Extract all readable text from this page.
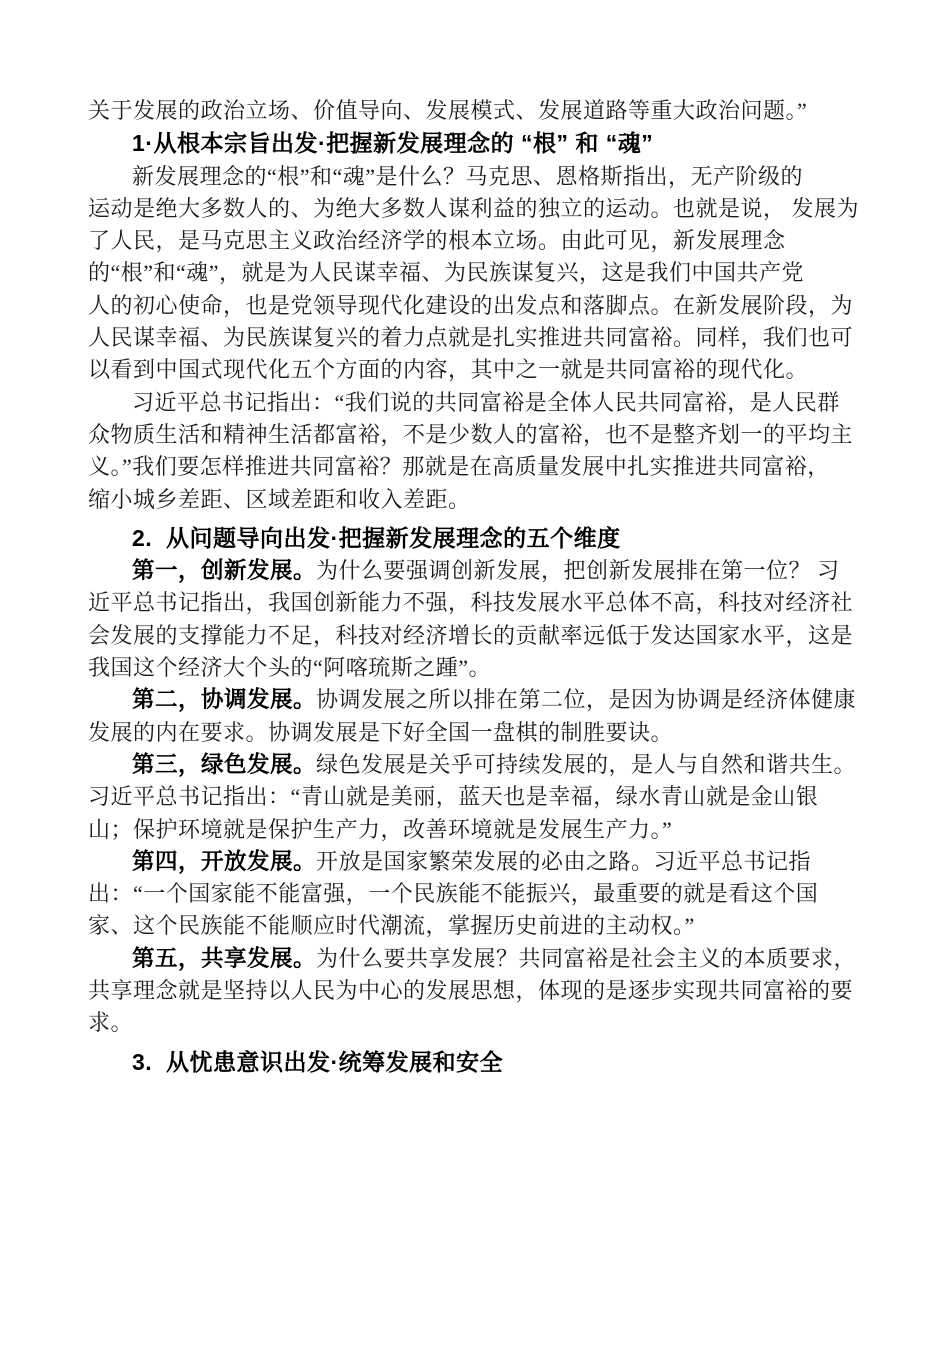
关于发展的政治立场、价值导向、发展模式、发展道路等重大政治问题。”
1·从根本宗旨出发·把握新发展理念的 “根” 和 “魂”
新发展理念的“根”和“魂”是什么？马克思、恩格斯指出，无产阶级的
运动是绝大多数人的、为绝大多数人谋利益的独立的运动。也就是说， 发展为
了人民，是马克思主义政治经济学的根本立场。由此可见，新发展理念
的“根”和“魂”，就是为人民谋幸福、为民族谋复兴，这是我们中国共产党
人的初心使命，也是党领导现代化建设的出发点和落脚点。在新发展阶段，为
人民谋幸福、为民族谋复兴的着力点就是扎实推进共同富裕。同样，我们也可
以看到中国式现代化五个方面的内容，其中之一就是共同富裕的现代化。
习近平总书记指出：“我们说的共同富裕是全体人民共同富裕，是人民群
众物质生活和精神生活都富裕，不是少数人的富裕，也不是整齐划一的平均主
义。”我们要怎样推进共同富裕？那就是在高质量发展中扎实推进共同富裕，
缩小城乡差距、区域差距和收入差距。
2.  从问题导向出发·把握新发展理念的五个维度
第一，创新发展。为什么要强调创新发展，把创新发展排在第一位？ 习
近平总书记指出，我国创新能力不强，科技发展水平总体不高，科技对经济社
会发展的支撑能力不足，科技对经济增长的贡献率远低于发达国家水平，这是
我国这个经济大个头的“阿喀琉斯之踵”。
第二，协调发展。协调发展之所以排在第二位，是因为协调是经济体健康
发展的内在要求。协调发展是下好全国一盘棋的制胜要诀。
第三，绿色发展。绿色发展是关乎可持续发展的，是人与自然和谐共生。
习近平总书记指出：“青山就是美丽，蓝天也是幸福，绿水青山就是金山银
山；保护环境就是保护生产力，改善环境就是发展生产力。”
第四，开放发展。开放是国家繁荣发展的必由之路。习近平总书记指
出：“一个国家能不能富强，一个民族能不能振兴，最重要的就是看这个国
家、这个民族能不能顺应时代潮流，掌握历史前进的主动权。”
第五，共享发展。为什么要共享发展？共同富裕是社会主义的本质要求，
共享理念就是坚持以人民为中心的发展思想，体现的是逐步实现共同富裕的要
求。
3.  从忧患意识出发·统筹发展和安全
